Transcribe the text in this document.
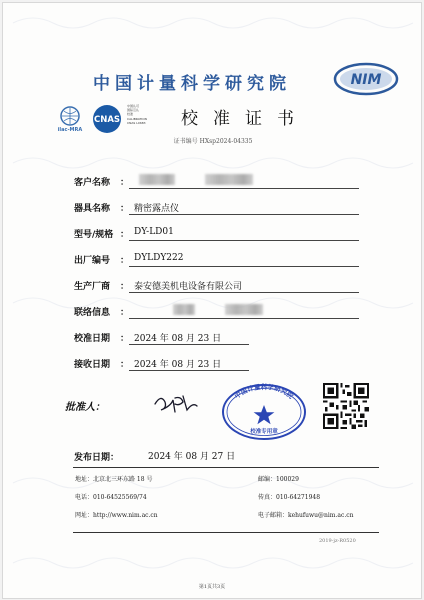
中国计量科学研究院	NIM
ilac-MRA
CNAS
中国认可
国际互认
校准
CALIBRATION
CNAS L0683	校准证书
证书编号 HXsp2024-04335
客户名称 ：
器具名称 ： 精密露点仪
型号/规格 ： DY-LD01
出厂编号 ： DYLDY222
生产厂商 ： 泰安德美机电设备有限公司
联络信息 ：
校准日期 ： 2024 年 08 月 23 日
接收日期 ： 2024 年 08 月 23 日
批准人：
中国计量科学研究院
校准专用章
发布日期：	2024 年 08 月 27 日
地址：北京北三环东路 18 号	邮编：100029
电话：010-64525569/74	传真：010-64271948
网址：http://www.nim.ac.cn	电子邮箱：kehufuwu@nim.ac.cn
2019-jz-R0520
第1页共3页
